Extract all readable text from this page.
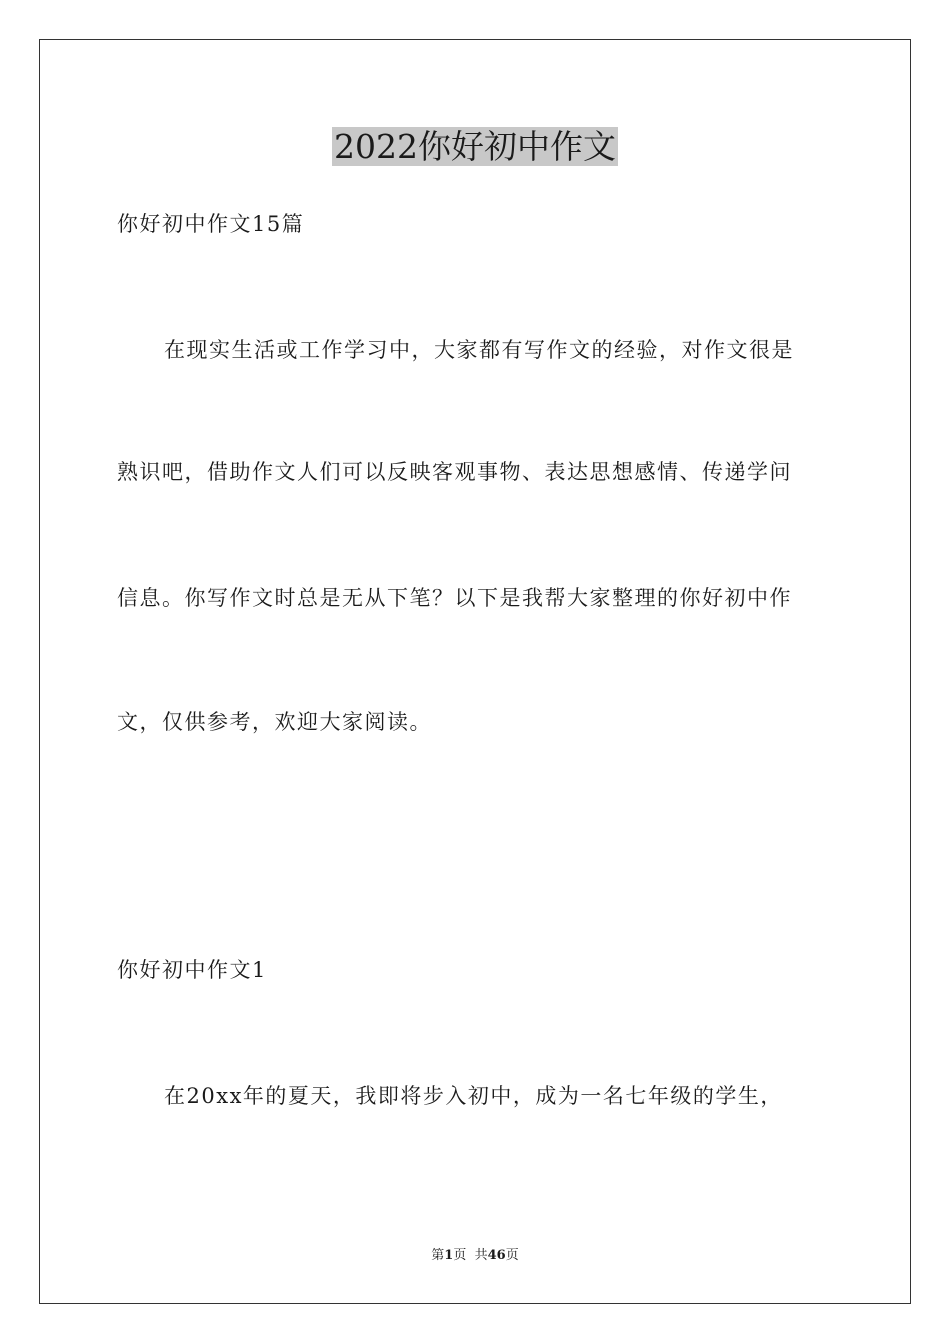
2022你好初中作文
你好初中作文15篇
在现实生活或工作学习中，大家都有写作文的经验，对作文很是
熟识吧，借助作文人们可以反映客观事物、表达思想感情、传递学问
信息。你写作文时总是无从下笔？以下是我帮大家整理的你好初中作
文，仅供参考，欢迎大家阅读。
你好初中作文1
在20xx年的夏天，我即将步入初中，成为一名七年级的学生，
第1页  共46页
